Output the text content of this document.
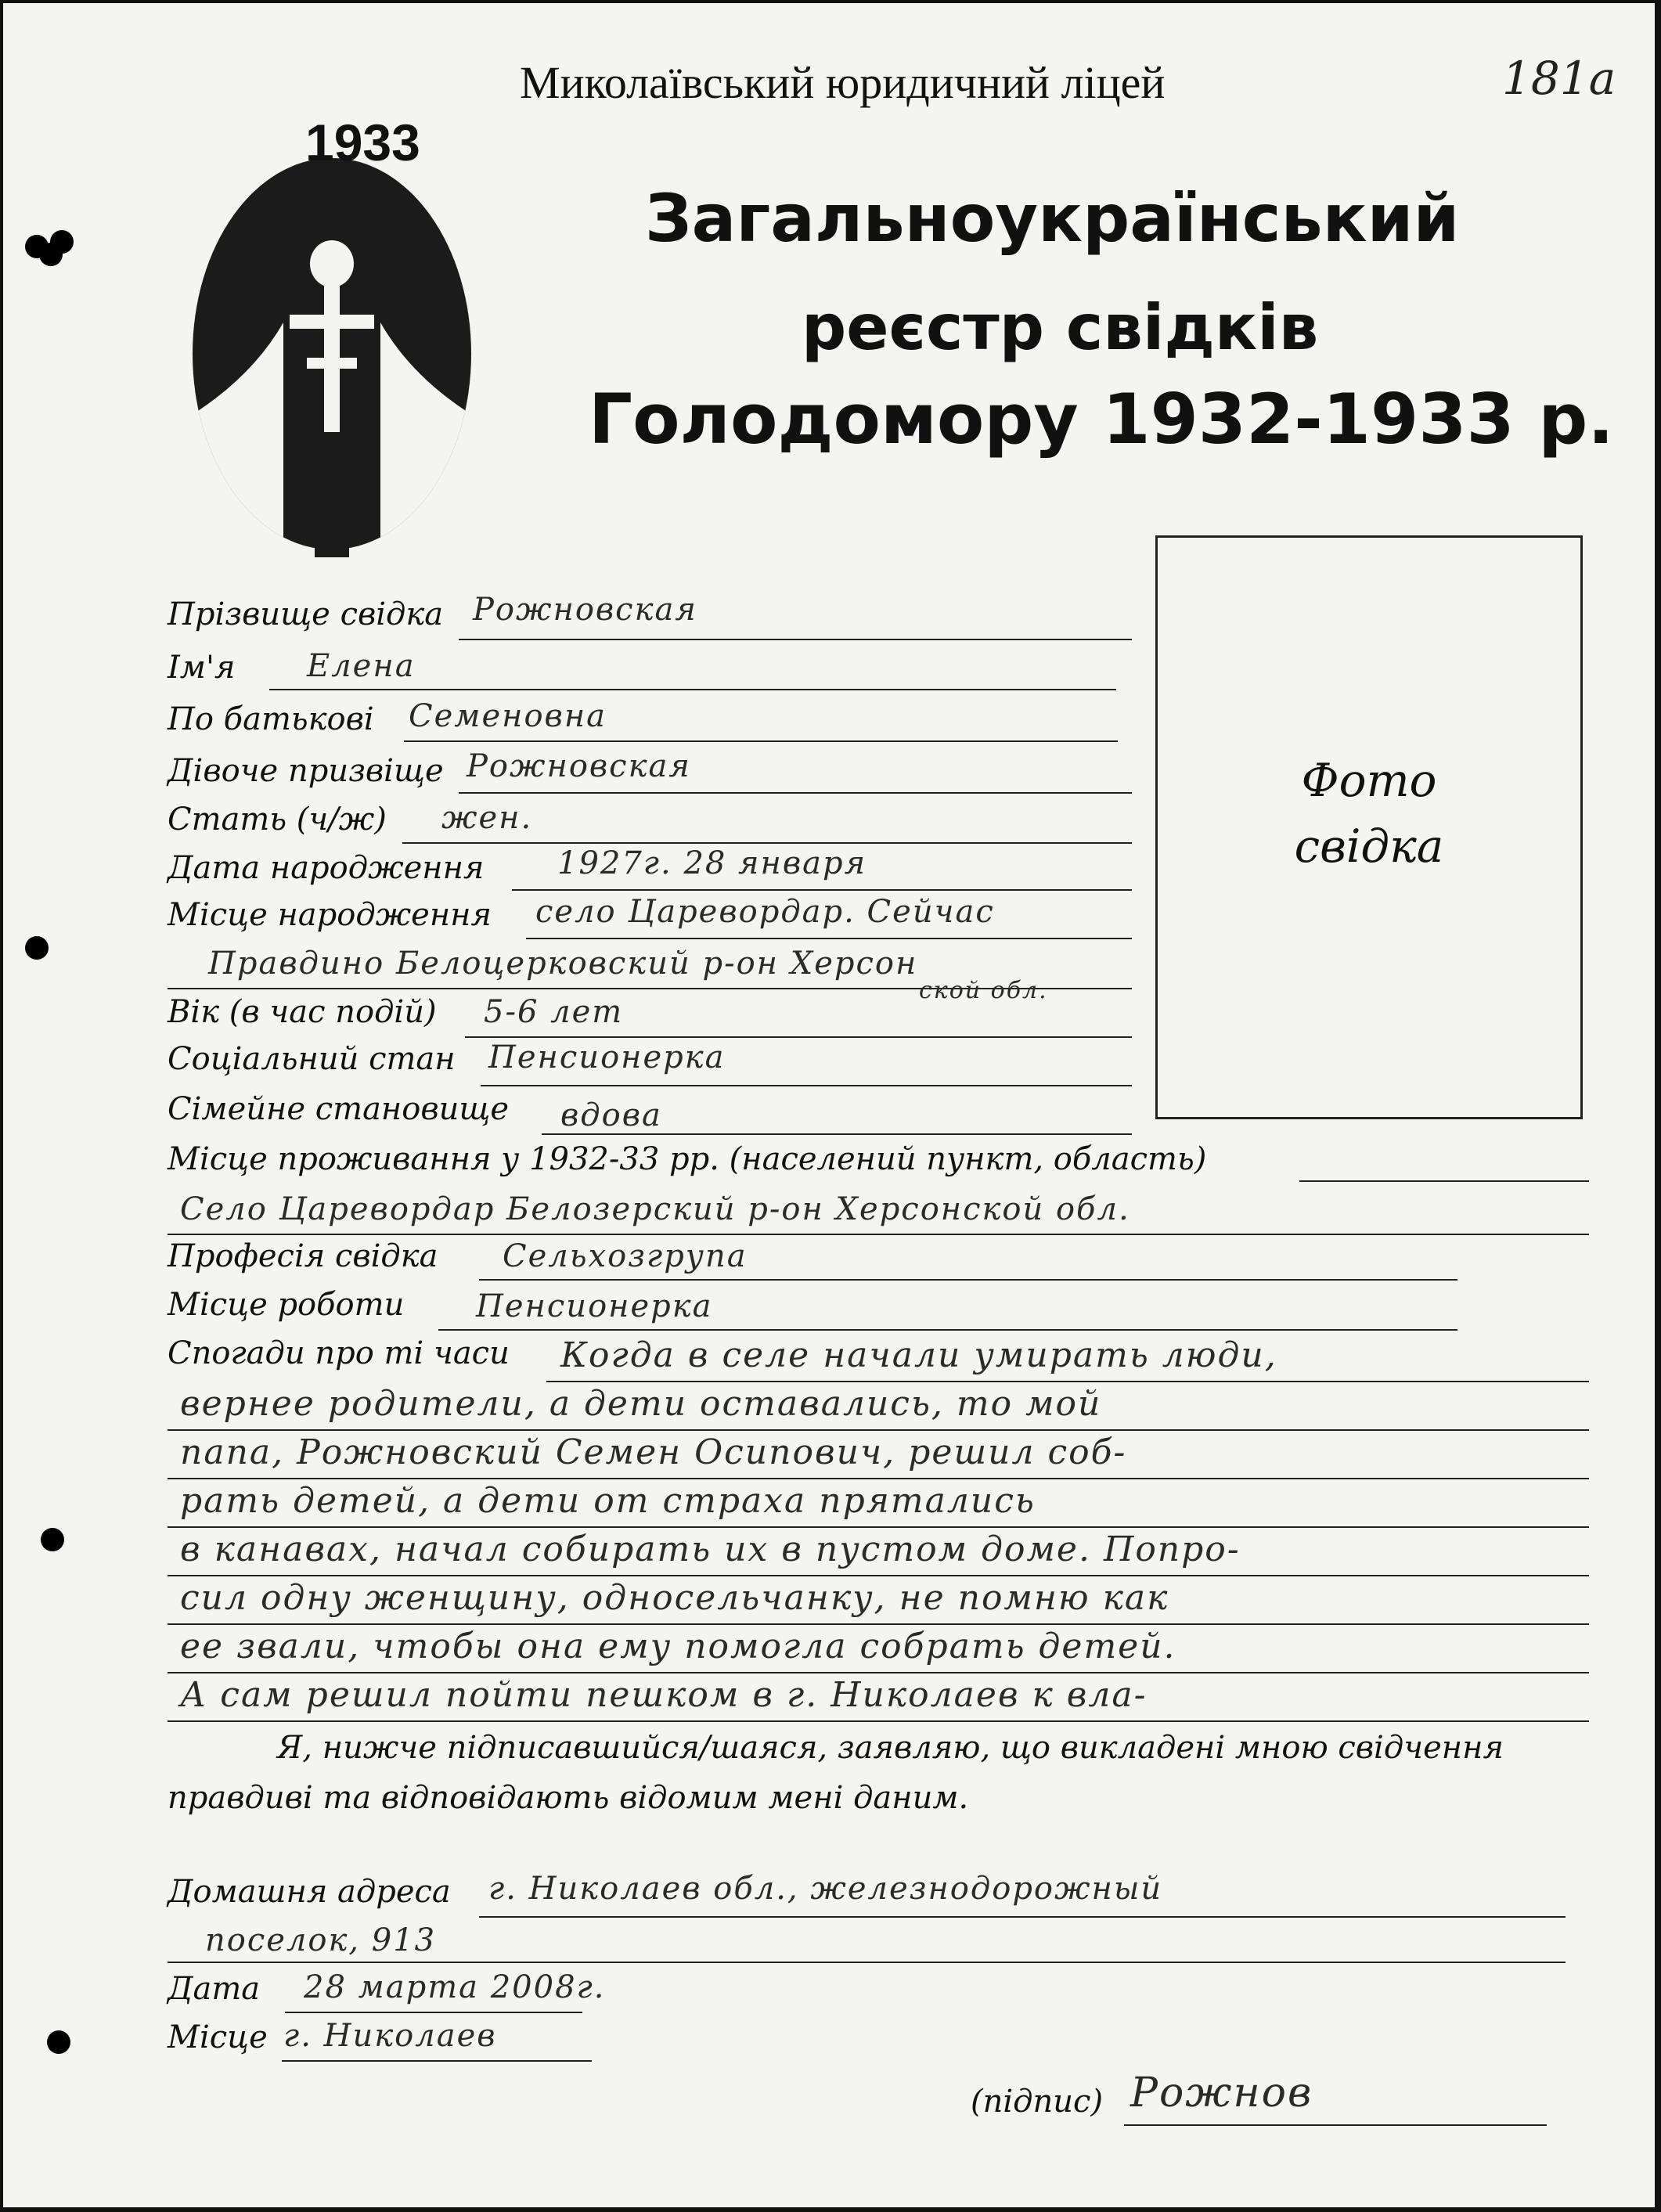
181a
Миколаївський юридичний ліцей
1933
Загальноукраїнський
реєстр свідків
Голодомору 1932-1933 р.
Фото
свідка
Прізвище свідка Рожновская
Ім'я Елена
По батькові Семеновна
Дівоче призвіще Рожновская
Стать (ч/ж) жен.
Дата народження 1927г. 28 января
Місце народження село Царевордар. Сейчас
Правдино Белоцерковский р-он Херсон
ской обл.
Вік (в час подій) 5-6 лет
Соціальний стан Пенсионерка
Сімейне становище вдова
Місце проживання у 1932-33 рр. (населений пункт, область)
Село Царевордар Белозерский р-он Херсонской обл.
Професія свідка Сельхозгрупа
Місце роботи Пенсионерка
Спогади про ті часи Когда в селе начали умирать люди,
вернее родители, а дети оставались, то мой
папа, Рожновский Семен Осипович, решил соб-
рать детей, а дети от страха прятались
в канавах, начал собирать их в пустом доме. Попро-
сил одну женщину, односельчанку, не помню как
ее звали, чтобы она ему помогла собрать детей.
А сам решил пойти пешком в г. Николаев к вла-
Я, нижче підписавшийся/шаяся, заявляю, що викладені мною свідчення
правдиві та відповідають відомим мені даним.
Домашня адреса г. Николаев обл., железнодорожный
поселок, 913
Дата 28 марта 2008г.
Місце г. Николаев
(підпис) Рожнов
